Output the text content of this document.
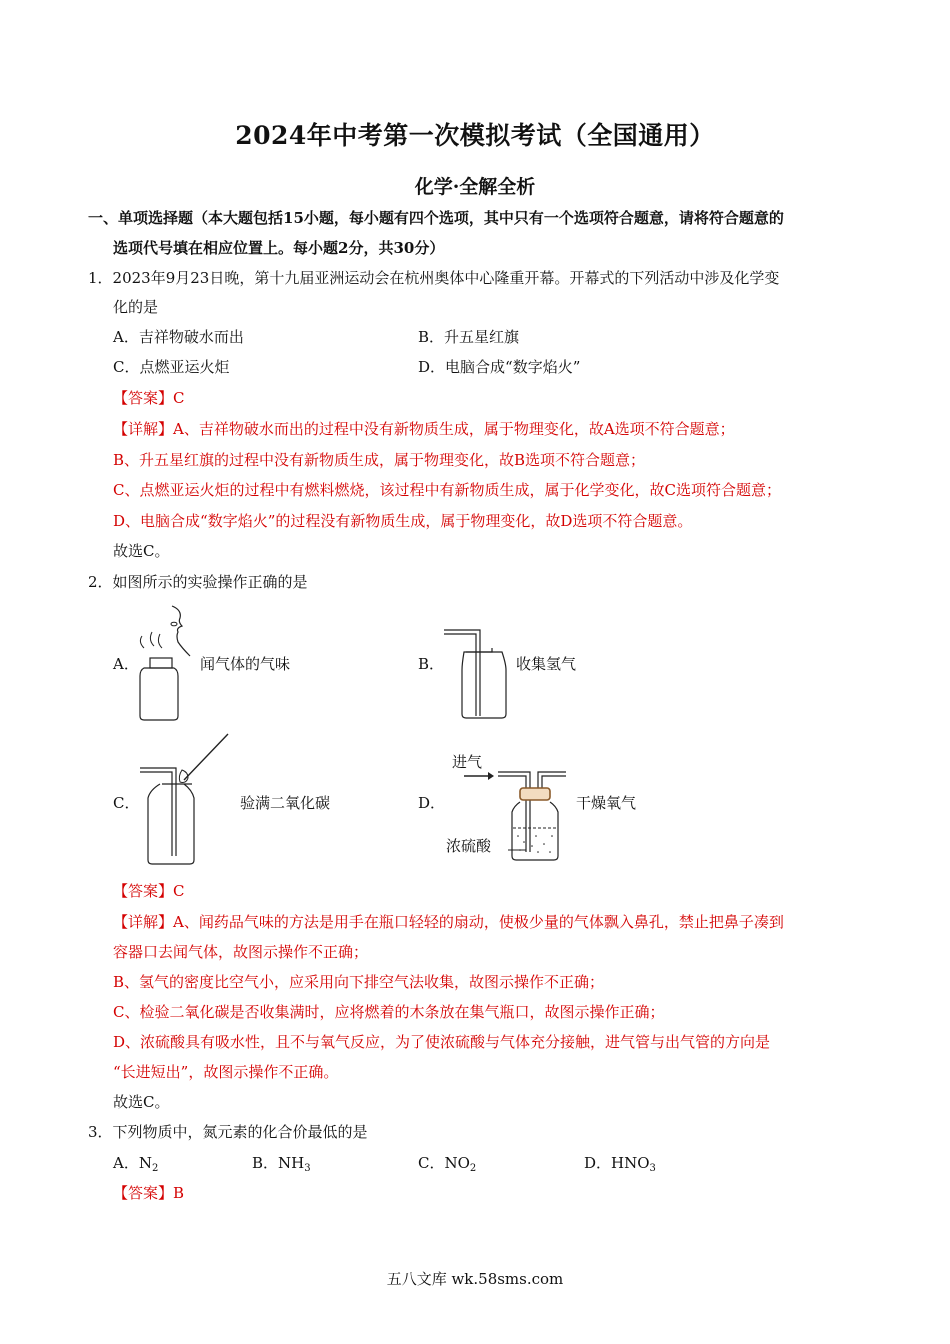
2024年中考第一次模拟考试（全国通用）
化学·全解全析
一、单项选择题（本大题包括15小题，每小题有四个选项，其中只有一个选项符合题意，请将符合题意的
选项代号填在相应位置上。每小题2分，共30分）
1．2023年9月23日晚，第十九届亚洲运动会在杭州奥体中心隆重开幕。开幕式的下列活动中涉及化学变
化的是
A．吉祥物破水而出	B．升五星红旗
C．点燃亚运火炬	D．电脑合成“数字焰火”
【答案】C
【详解】A、吉祥物破水而出的过程中没有新物质生成，属于物理变化，故A选项不符合题意；
B、升五星红旗的过程中没有新物质生成，属于物理变化，故B选项不符合题意；
C、点燃亚运火炬的过程中有燃料燃烧，该过程中有新物质生成，属于化学变化，故C选项符合题意；
D、电脑合成“数字焰火”的过程没有新物质生成，属于物理变化，故D选项不符合题意。
故选C。
2．如图所示的实验操作正确的是
A．	闻气体的气味	B．	收集氢气
C．	验满二氧化碳	D．
进气
浓硫酸
干燥氧气
【答案】C
【详解】A、闻药品气味的方法是用手在瓶口轻轻的扇动，使极少量的气体飘入鼻孔，禁止把鼻子凑到
容器口去闻气体，故图示操作不正确；
B、氢气的密度比空气小，应采用向下排空气法收集，故图示操作不正确；
C、检验二氧化碳是否收集满时，应将燃着的木条放在集气瓶口，故图示操作正确；
D、浓硫酸具有吸水性，且不与氧气反应，为了使浓硫酸与气体充分接触，进气管与出气管的方向是
“长进短出”，故图示操作不正确。
故选C。
3．下列物质中，氮元素的化合价最低的是
A．$N_2$	B．$NH_3$	C．$NO_2$	D．$HNO_3$
【答案】B
五八文库 wk.58sms.com
